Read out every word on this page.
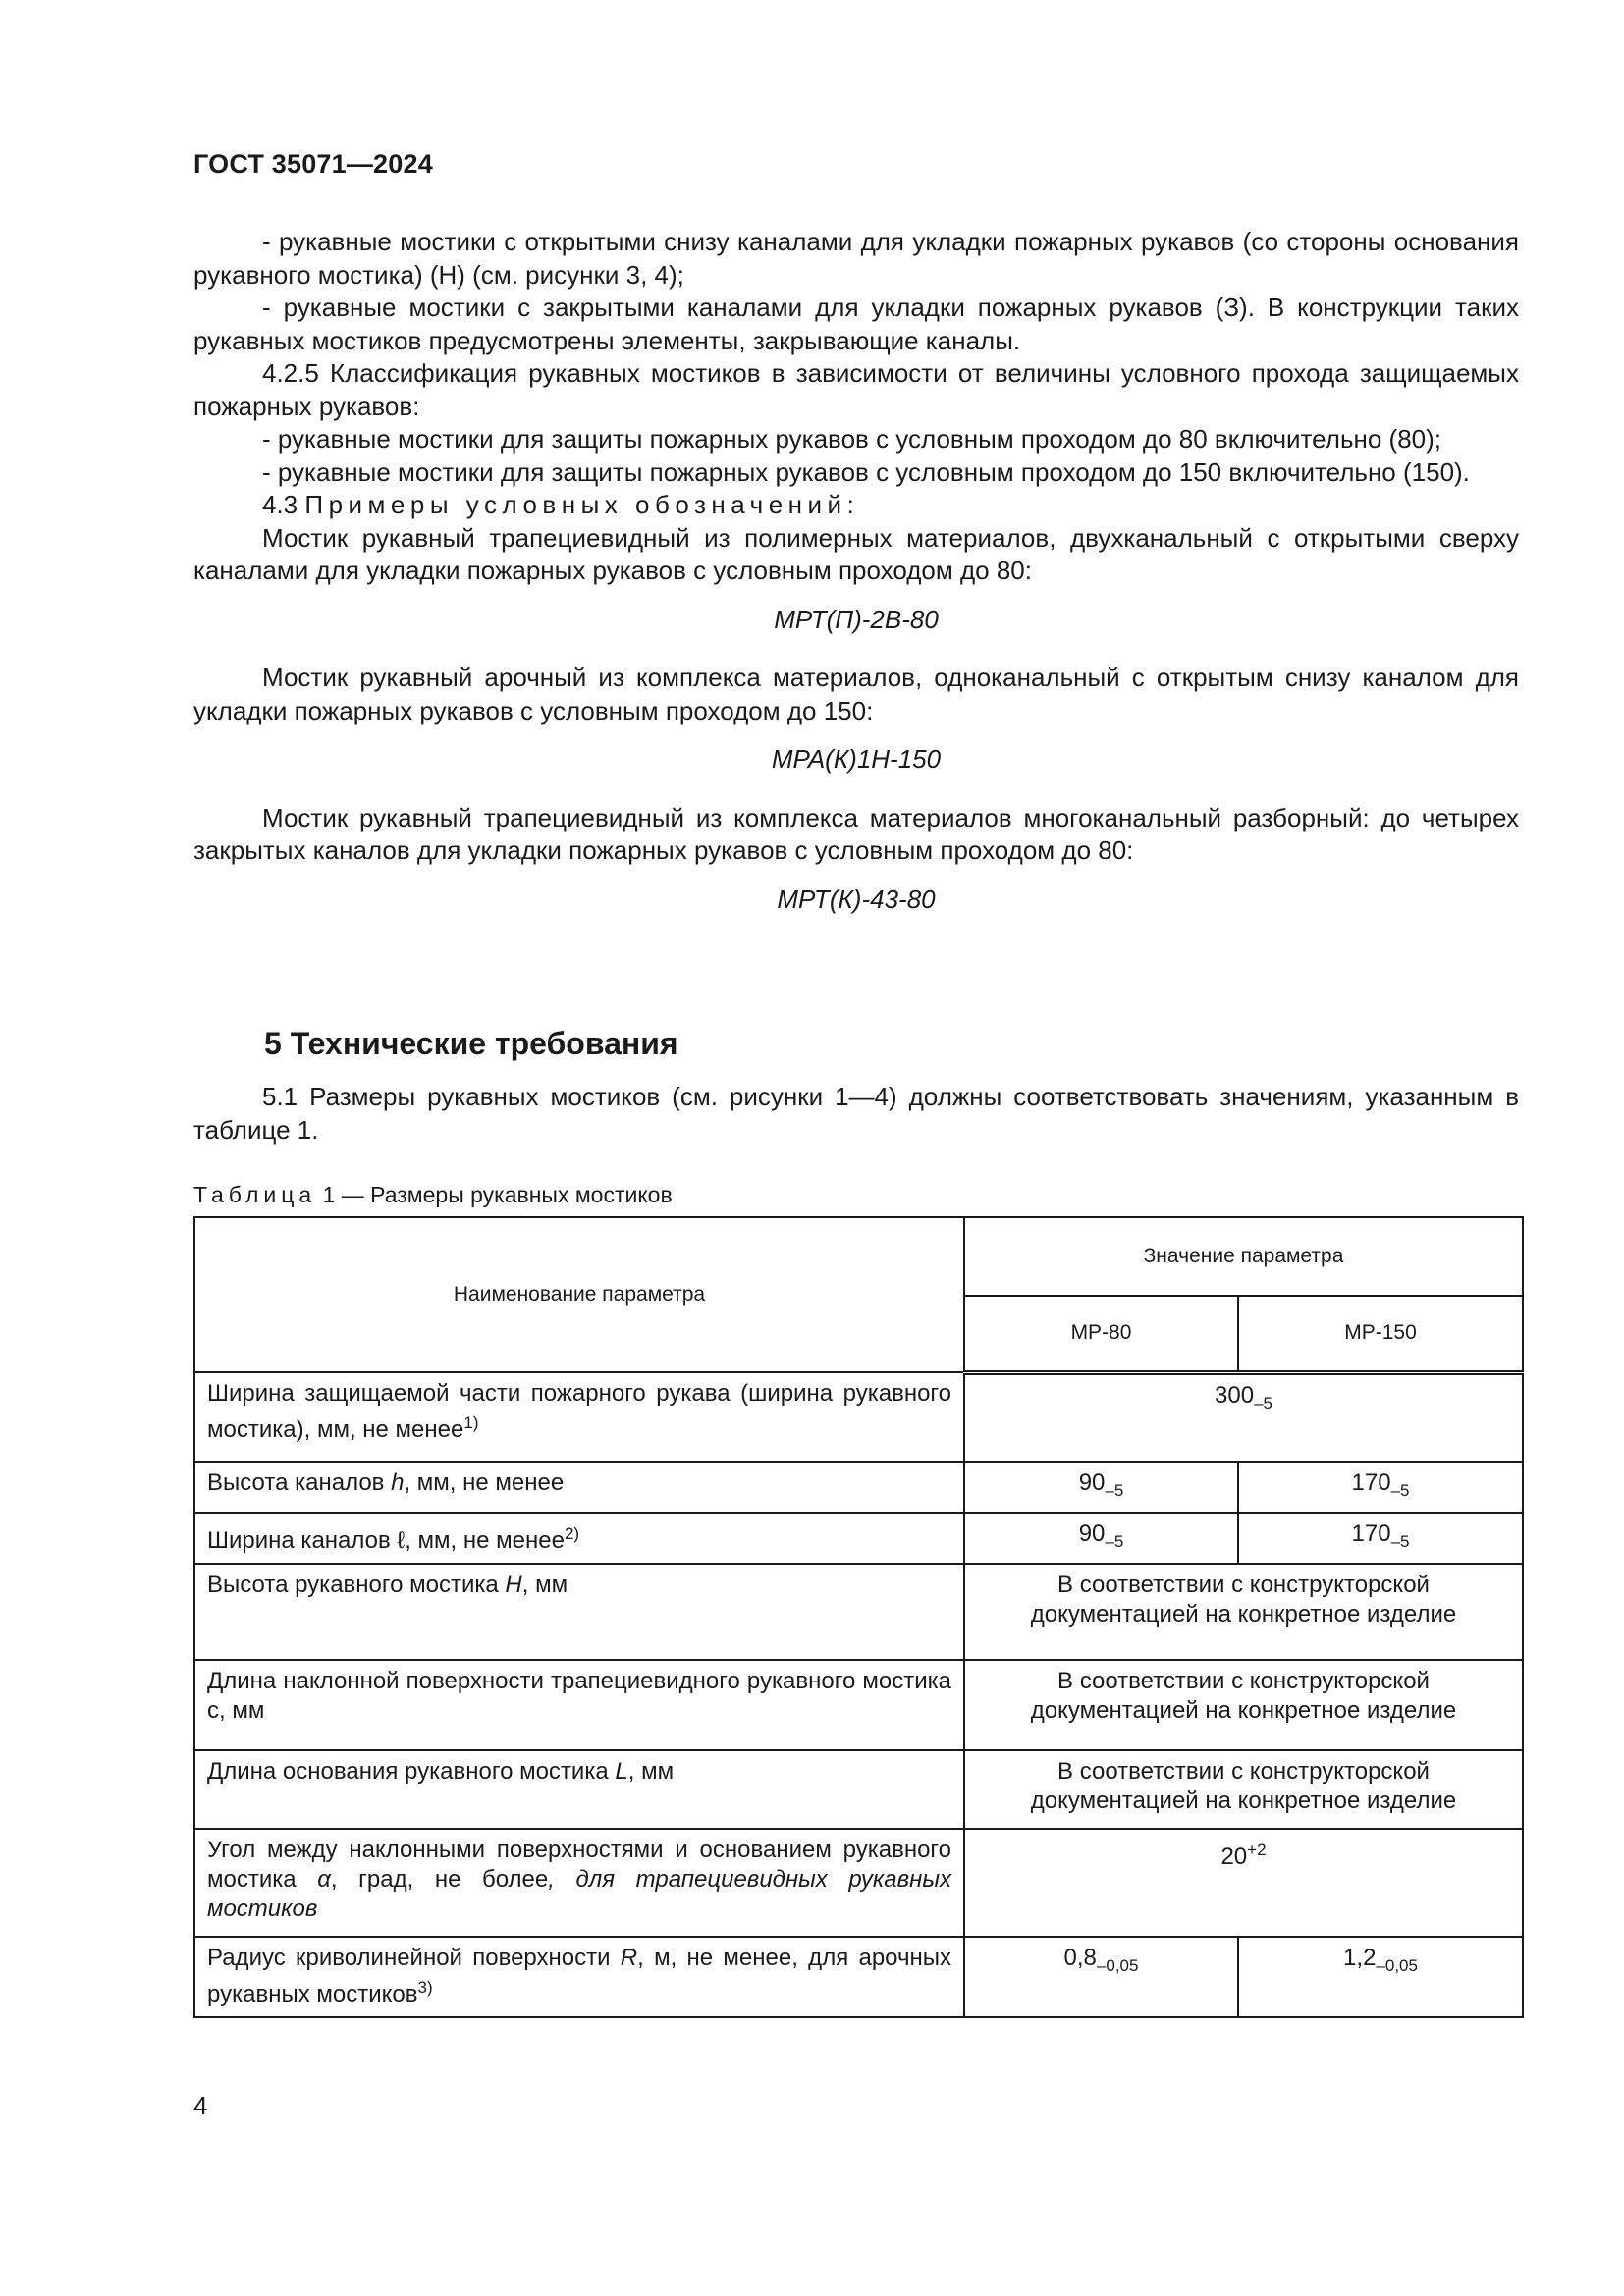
ГОСТ 35071—2024

- рукавные мостики с открытыми снизу каналами для укладки пожарных рукавов (со стороны основания рукавного мостика) (Н) (см. рисунки 3, 4);

- рукавные мостики с закрытыми каналами для укладки пожарных рукавов (З). В конструкции таких рукавных мостиков предусмотрены элементы, закрывающие каналы.

4.2.5 Классификация рукавных мостиков в зависимости от величины условного прохода защищаемых пожарных рукавов:

- рукавные мостики для защиты пожарных рукавов с условным проходом до 80 включительно (80);

- рукавные мостики для защиты пожарных рукавов с условным проходом до 150 включительно (150).

4.3 Примеры условных обозначений:

Мостик рукавный трапециевидный из полимерных материалов, двухканальный с открытыми сверху каналами для укладки пожарных рукавов с условным проходом до 80:

МРТ(П)-2В-80

Мостик рукавный арочный из комплекса материалов, одноканальный с открытым снизу каналом для укладки пожарных рукавов с условным проходом до 150:

МРА(К)1Н-150

Мостик рукавный трапециевидный из комплекса материалов многоканальный разборный: до четырех закрытых каналов для укладки пожарных рукавов с условным проходом до 80:

МРТ(К)-43-80

5 Технические требования
5.1 Размеры рукавных мостиков (см. рисунки 1—4) должны соответствовать значениям, указанным в таблице 1.
Таблица 1 — Размеры рукавных мостиков
Наименование параметра	Значение параметра	
	МР-80	МР-150
Ширина защищаемой части пожарного рукава (ширина рукавного мостика), мм, не менее$^{1)}$	$300_{-5}$
Высота каналов h, мм, не менее	$90_{-5}$	$170_{-5}$
Ширина каналов ℓ, мм, не менее$^{2)}$	$90_{-5}$	$170_{-5}$
Высота рукавного мостика H, мм	В соответствии с конструкторской документацией на конкретное изделие	
Длина наклонной поверхности трапециевидного рукавного мостика с, мм	В соответствии с конструкторской документацией на конкретное изделие	
Длина основания рукавного мостика L, мм	В соответствии с конструкторской документацией на конкретное изделие	
Угол между наклонными поверхностями и основанием рукавного мостика α, град, не более, для трапециевидных рукавных мостиков	$20^{+2}$
Радиус криволинейной поверхности R, м, не менее, для арочных рукавных мостиков$^{3)}$	$0,8_{-0,05}$	$1,2_{-0,05}$
4
